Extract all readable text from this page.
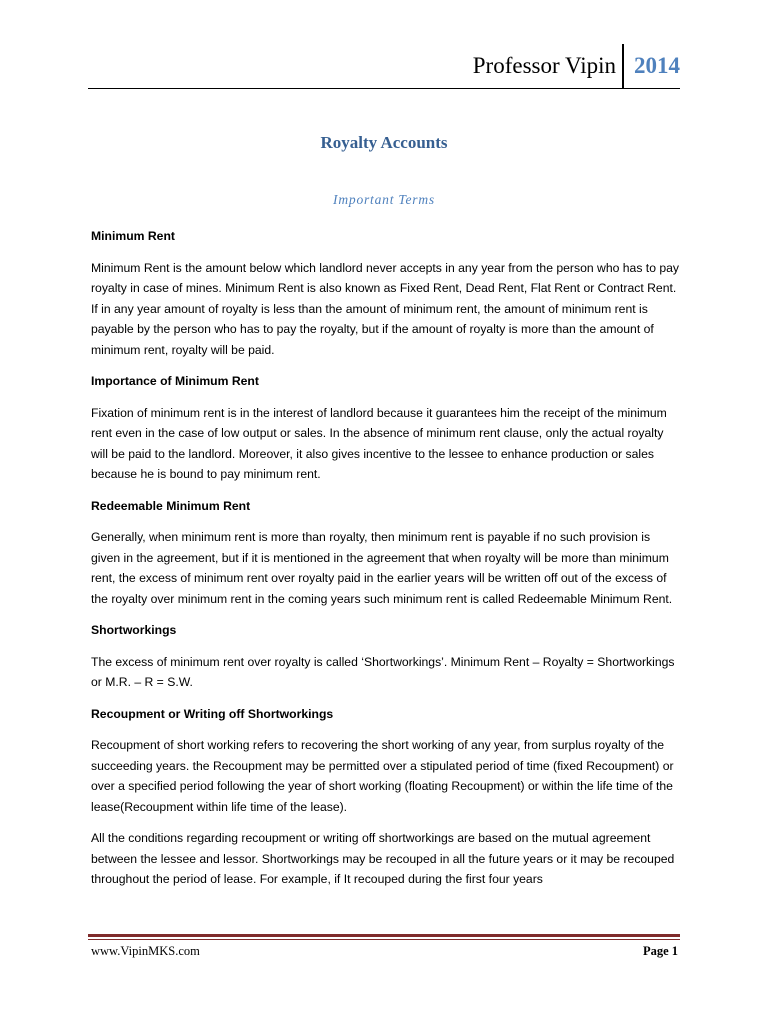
Professor Vipin 2014
Royalty Accounts
Important Terms

Minimum Rent

Minimum Rent is the amount below which landlord never accepts in any year from the person who has to pay royalty in case of mines. Minimum Rent is also known as Fixed Rent, Dead Rent, Flat Rent or Contract Rent. If in any year amount of royalty is less than the amount of minimum rent, the amount of minimum rent is payable by the person who has to pay the royalty, but if the amount of royalty is more than the amount of minimum rent, royalty will be paid.

Importance of Minimum Rent

Fixation of minimum rent is in the interest of landlord because it guarantees him the receipt of the minimum rent even in the case of low output or sales. In the absence of minimum rent clause, only the actual royalty will be paid to the landlord. Moreover, it also gives incentive to the lessee to enhance production or sales because he is bound to pay minimum rent.

Redeemable Minimum Rent

Generally, when minimum rent is more than royalty, then minimum rent is payable if no such provision is given in the agreement, but if it is mentioned in the agreement that when royalty will be more than minimum rent, the excess of minimum rent over royalty paid in the earlier years will be written off out of the excess of the royalty over minimum rent in the coming years such minimum rent is called Redeemable Minimum Rent.

Shortworkings

The excess of minimum rent over royalty is called ‘Shortworkings’. Minimum Rent – Royalty = Shortworkings or M.R. – R = S.W.

Recoupment or Writing off Shortworkings

Recoupment of short working refers to recovering the short working of any year, from surplus royalty of the succeeding years. the Recoupment may be permitted over a stipulated period of time (fixed Recoupment) or over a specified period following the year of short working (floating Recoupment) or within the life time of the lease(Recoupment within life time of the lease).

All the conditions regarding recoupment or writing off shortworkings are based on the mutual agreement between the lessee and lessor. Shortworkings may be recouped in all the future years or it may be recouped throughout the period of lease. For example, if It recouped during the first four years

www.VipinMKS.com	Page 1
